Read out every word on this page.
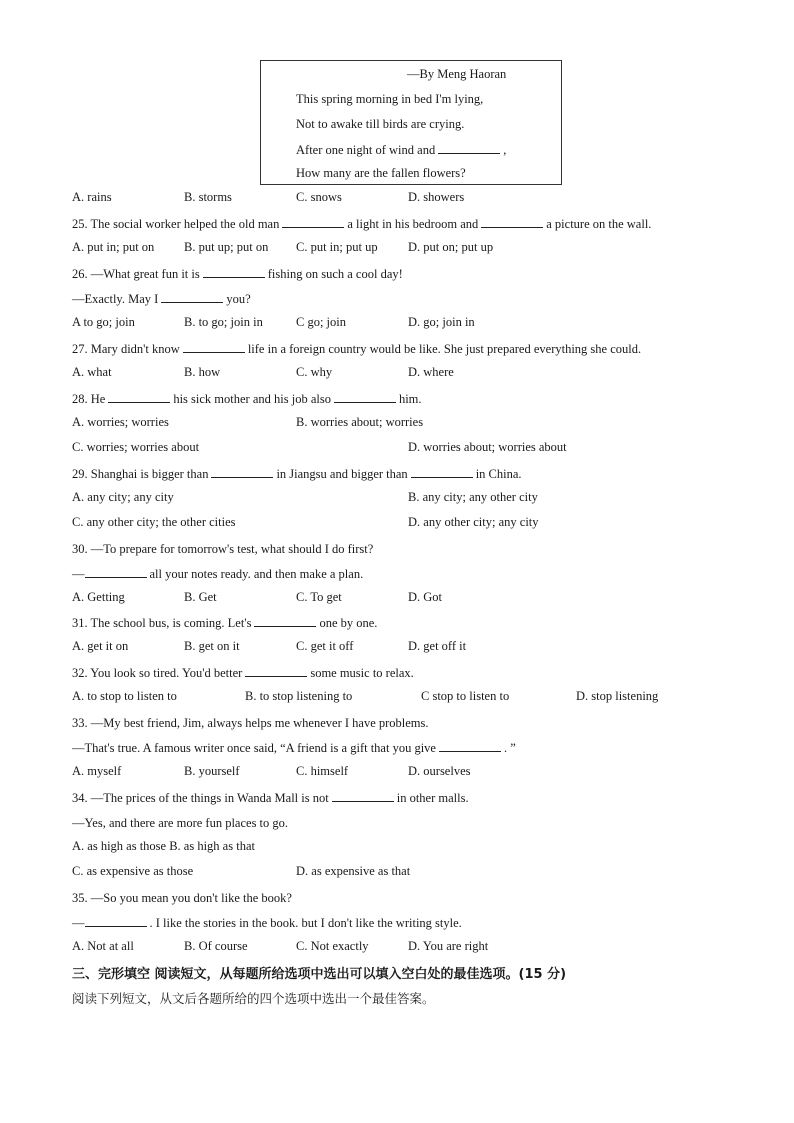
—By Meng Haoran
This spring morning in bed I'm lying,
Not to awake till birds are crying.
After one night of wind and	,
How many are the fallen flowers?
A. rains	B. storms	C. snows	D. showers
25. The social worker helped the old man	a light in his bedroom and	a picture on the wall.
A. put in; put on B. put up; put on C. put in; put up D. put on; put up
26. —What great fun it is	fishing on such a cool day!
—Exactly. May I	you?
A to go; join	B. to go; join in	C go; join	D. go; join in
27. Mary didn't know	life in a foreign country would be like. She just prepared everything she could.
A. what	B. how	C. why	D. where
28. He	his sick mother and his job also	him.
A. worries; worries	B. worries about; worries
C. worries; worries about	D. worries about; worries about
29. Shanghai is bigger than	in Jiangsu and bigger than	in China.
A. any city; any city	B. any city; any other city
C. any other city; the other cities	D. any other city; any city
30. —To prepare for tomorrow's test, what should I do first?
—	all your notes ready. and then make a plan.
A. Getting	B. Get	C. To get	D. Got
31. The school bus, is coming. Let's	one by one.
A. get it on	B. get on it	C. get it off	D. get off it
32. You look so tired. You'd better	some music to relax.
A. to stop to listen to	B. to stop listening to	C stop to listen to	D. stop listening
33. —My best friend, Jim, always helps me whenever I have problems.
—That's true. A famous writer once said, “A friend is a gift that you give	. ”
A. myself	B. yourself	C. himself	D. ourselves
34. —The prices of the things in Wanda Mall is not	in other malls.
—Yes, and there are more fun places to go.
A. as high as those B. as high as that
C. as expensive as those	D. as expensive as that
35. —So you mean you don't like the book?
—	. I like the stories in the book. but I don't like the writing style.
A. Not at all	B. Of course	C. Not exactly	D. You are right
三、完形填空 阅读短文，从每题所给选项中选出可以填入空白处的最佳选项。(15 分)
阅读下列短文，从文后各题所给的四个选项中选出一个最佳答案。
